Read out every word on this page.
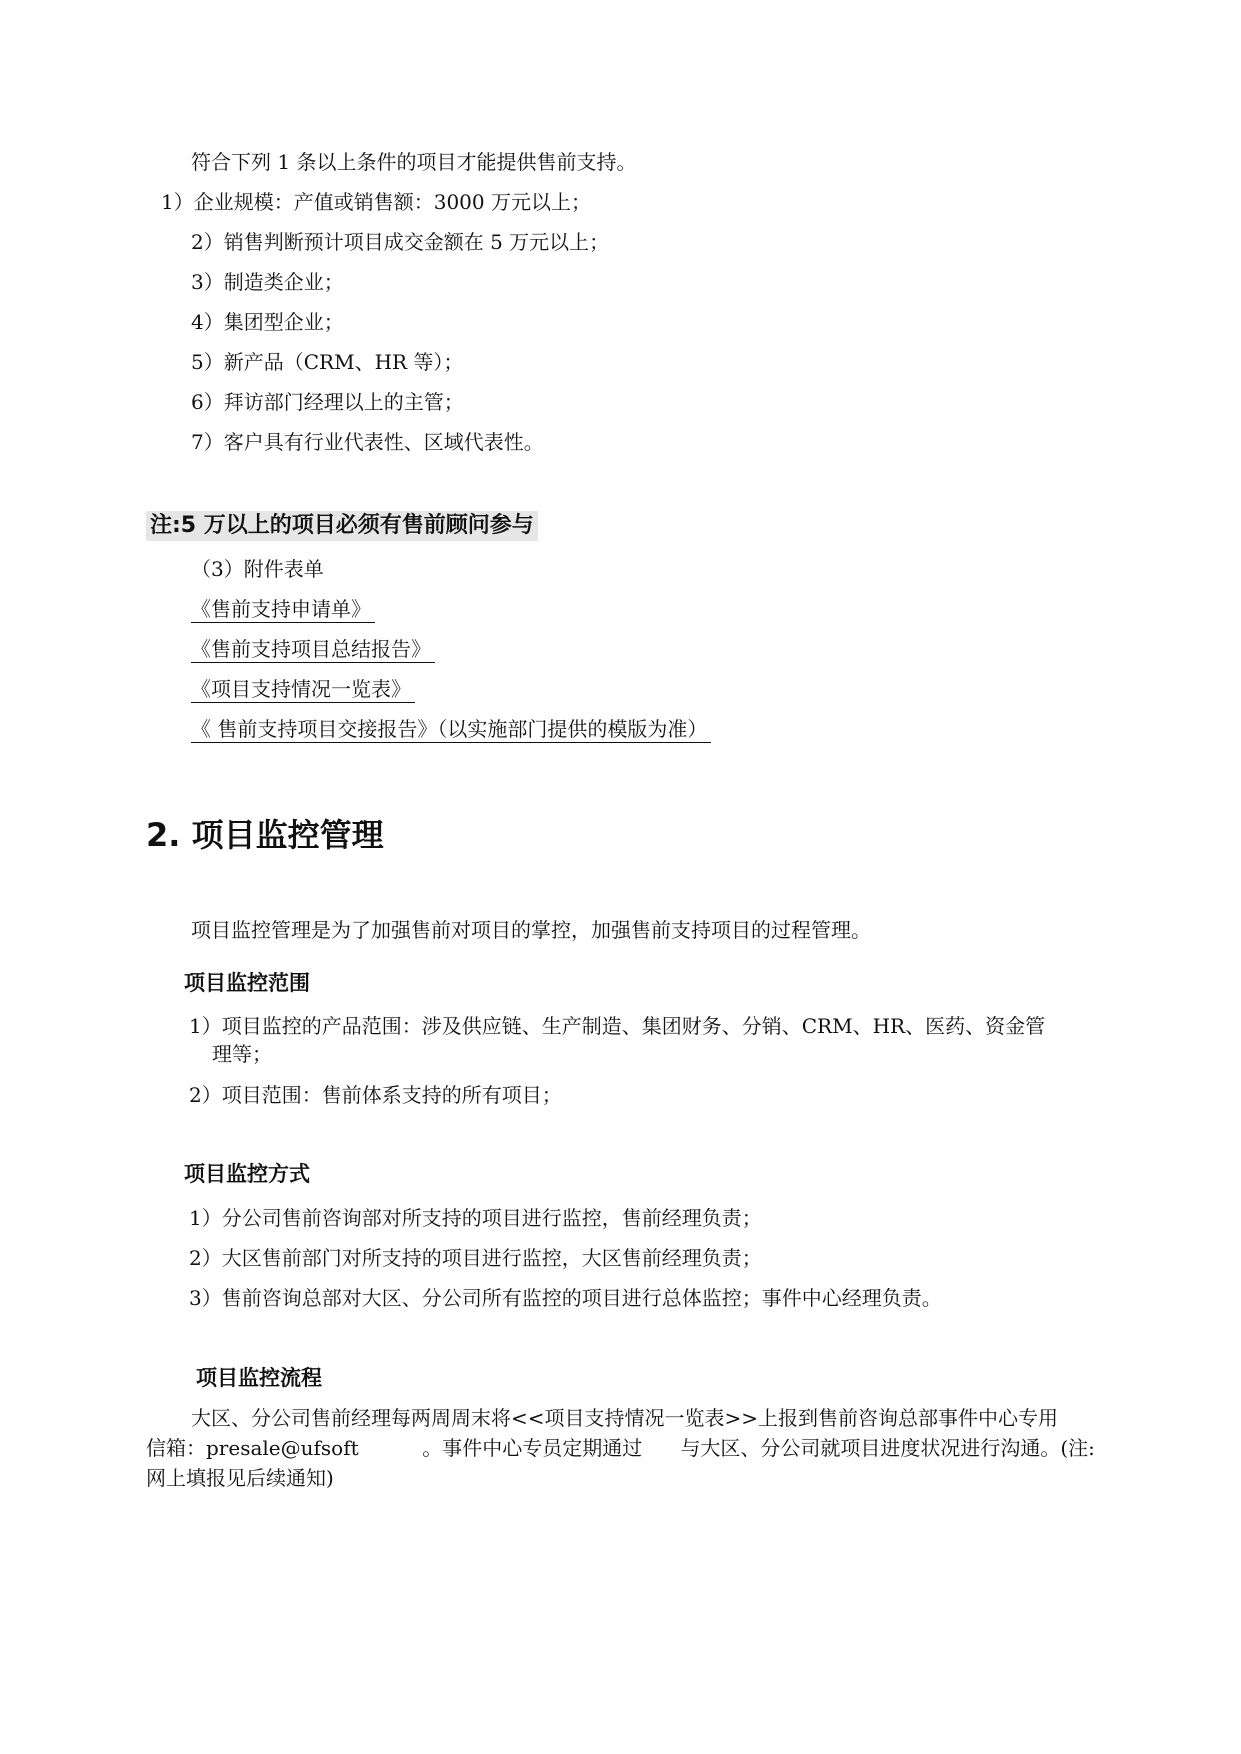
符合下列 1 条以上条件的项目才能提供售前支持。
1）企业规模：产值或销售额：3000 万元以上；
2）销售判断预计项目成交金额在 5 万元以上；
3）制造类企业；
4）集团型企业；
5）新产品（CRM、HR 等）；
6）拜访部门经理以上的主管；
7）客户具有行业代表性、区域代表性。
注:5 万以上的项目必须有售前顾问参与
（3）附件表单
《售前支持申请单》
《售前支持项目总结报告》
《项目支持情况一览表》
《 售前支持项目交接报告》（以实施部门提供的模版为准）
2. 项目监控管理
项目监控管理是为了加强售前对项目的掌控，加强售前支持项目的过程管理。
项目监控范围
1）项目监控的产品范围：涉及供应链、生产制造、集团财务、分销、CRM、HR、医药、资金管
理等；
2）项目范围：售前体系支持的所有项目；
项目监控方式
1）分公司售前咨询部对所支持的项目进行监控，售前经理负责；
2）大区售前部门对所支持的项目进行监控，大区售前经理负责；
3）售前咨询总部对大区、分公司所有监控的项目进行总体监控；事件中心经理负责。
项目监控流程
大区、分公司售前经理每两周周末将<<项目支持情况一览表>>上报到售前咨询总部事件中心专用
信箱：presale@ufsoft          。事件中心专员定期通过      与大区、分公司就项目进度状况进行沟通。(注:
网上填报见后续通知)
